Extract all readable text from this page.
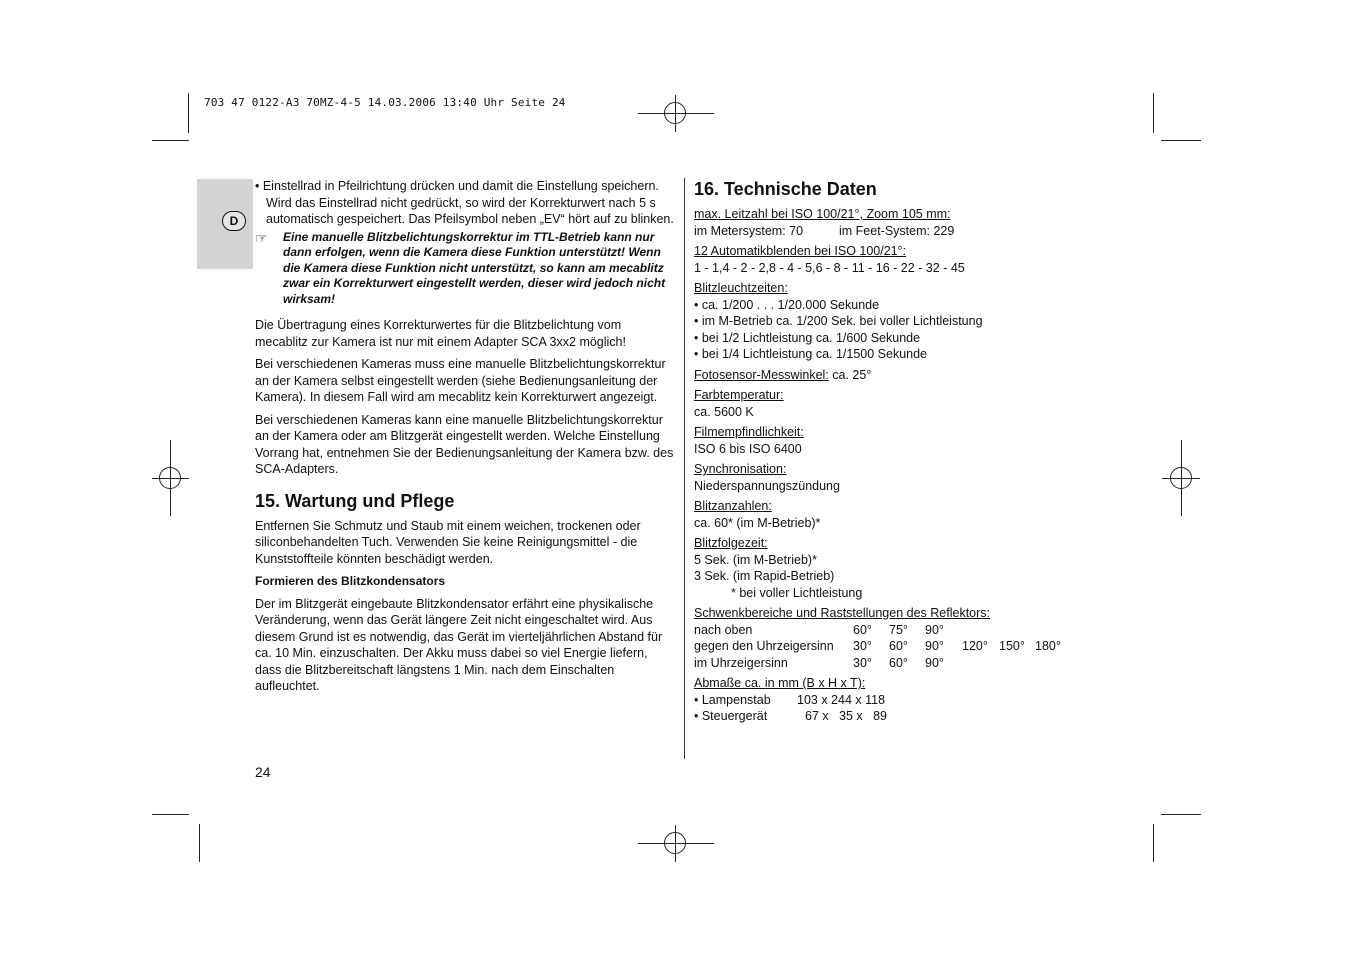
703 47 0122-A3 70MZ-4-5 14.03.2006 13:40 Uhr Seite 24
D

• Einstellrad in Pfeilrichtung drücken und damit die Einstellung speichern. Wird das Einstellrad nicht gedrückt, so wird der Korrekturwert nach 5 s automatisch gespeichert. Das Pfeilsymbol neben „EV“ hört auf zu blinken.

☞	Eine manuelle Blitzbelichtungskorrektur im TTL-Betrieb kann nur dann erfolgen, wenn die Kamera diese Funktion unterstützt! Wenn die Kamera diese Funktion nicht unterstützt, so kann am mecablitz zwar ein Korrekturwert eingestellt werden, dieser wird jedoch nicht wirksam!

Die Übertragung eines Korrekturwertes für die Blitzbelichtung vom mecablitz zur Kamera ist nur mit einem Adapter SCA 3xx2 möglich!

Bei verschiedenen Kameras muss eine manuelle Blitzbelichtungskorrektur an der Kamera selbst eingestellt werden (siehe Bedienungsanleitung der Kamera). In diesem Fall wird am mecablitz kein Korrekturwert angezeigt.

Bei verschiedenen Kameras kann eine manuelle Blitzbelichtungskorrektur an der Kamera oder am Blitzgerät eingestellt werden. Welche Einstellung Vorrang hat, entnehmen Sie der Bedienungsanleitung der Kamera bzw. des SCA-Adapters.

15. Wartung und Pflege

Entfernen Sie Schmutz und Staub mit einem weichen, trockenen oder siliconbehandelten Tuch. Verwenden Sie keine Reinigungsmittel - die Kunststoffteile könnten beschädigt werden.

Formieren des Blitzkondensators

Der im Blitzgerät eingebaute Blitzkondensator erfährt eine physikalische Veränderung, wenn das Gerät längere Zeit nicht eingeschaltet wird. Aus diesem Grund ist es notwendig, das Gerät im vierteljährlichen Abstand für ca. 10 Min. einzuschalten. Der Akku muss dabei so viel Energie liefern, dass die Blitzbereitschaft längstens 1 Min. nach dem Einschalten aufleuchtet.

16. Technische Daten
max. Leitzahl bei ISO 100/21°, Zoom 105 mm:
im Metersystem: 70	im Feet-System: 229
12 Automatikblenden bei ISO 100/21°:
1 - 1,4 - 2 - 2,8 - 4 - 5,6 - 8 - 11 - 16 - 22 - 32 - 45
Blitzleuchtzeiten:
• ca. 1/200 . . . 1/20.000 Sekunde
• im M-Betrieb ca. 1/200 Sek. bei voller Lichtleistung
• bei 1/2 Lichtleistung ca. 1/600 Sekunde
• bei 1/4 Lichtleistung ca. 1/1500 Sekunde
Fotosensor-Messwinkel: ca. 25°
Farbtemperatur:
ca. 5600 K
Filmempfindlichkeit:
ISO 6 bis ISO 6400
Synchronisation:
Niederspannungszündung
Blitzanzahlen:
ca. 60* (im M-Betrieb)*
Blitzfolgezeit:
5 Sek. (im M-Betrieb)*
3 Sek. (im Rapid-Betrieb)
* bei voller Lichtleistung
Schwenkbereiche und Raststellungen des Reflektors:
nach oben	60°	75°	90°			
gegen den Uhrzeigersinn	30°	60°	90°	120°	150°	180°
im Uhrzeigersinn	30°	60°	90°			
Abmaße ca. in mm (B x H x T):
• Lampenstab	103 x 244 x 118
• Steuergerät	67 x   35 x   89
24
